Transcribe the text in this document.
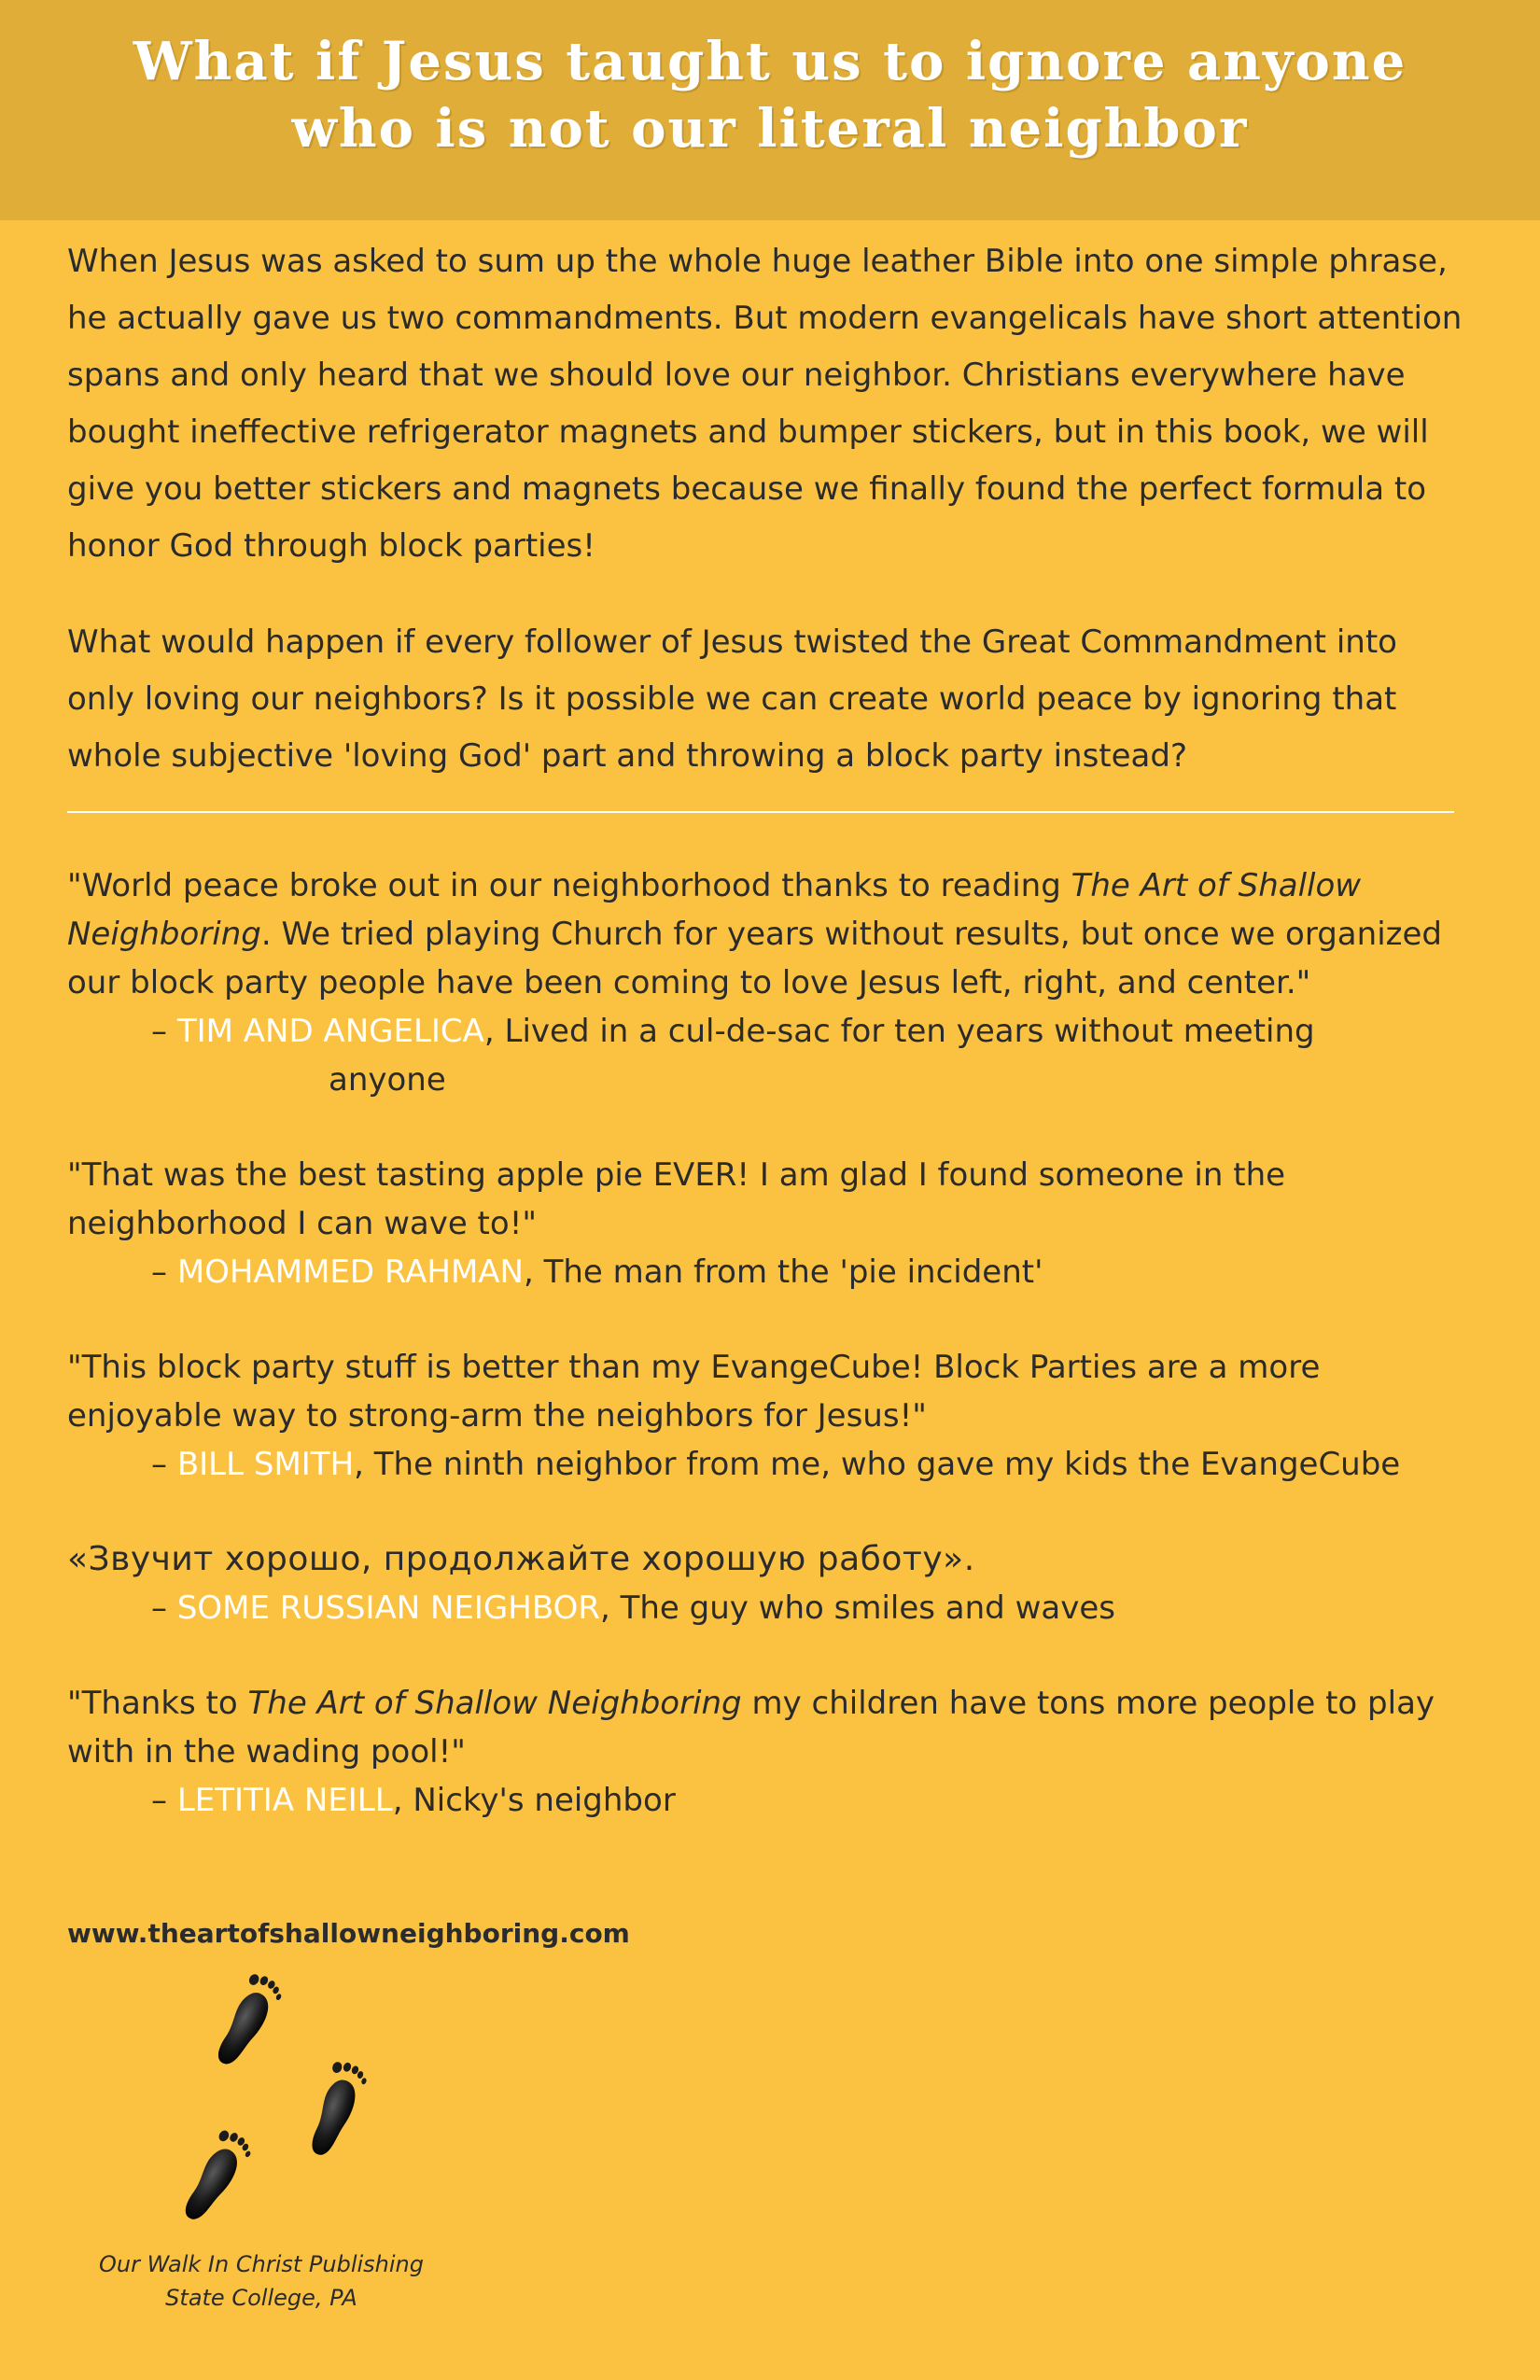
What if Jesus taught us to ignore anyone
who is not our literal neighbor

When Jesus was asked to sum up the whole huge leather Bible into one simple phrase, he actually gave us two commandments. But modern evangelicals have short attention spans and only heard that we should love our neighbor. Christians everywhere have bought ineffective refrigerator magnets and bumper stickers, but in this book, we will give you better stickers and magnets because we finally found the perfect formula to honor God through block parties!

What would happen if every follower of Jesus twisted the Great Commandment into only loving our neighbors? Is it possible we can create world peace by ignoring that whole subjective 'loving God' part and throwing a block party instead?

"World peace broke out in our neighborhood thanks to reading The Art of Shallow Neighboring. We tried playing Church for years without results, but once we organized our block party people have been coming to love Jesus left, right, and center."

– TIM AND ANGELICA, Lived in a cul-de-sac for ten years without meeting
anyone

"That was the best tasting apple pie EVER! I am glad I found someone in the neighborhood I can wave to!"

– MOHAMMED RAHMAN, The man from the 'pie incident'

"This block party stuff is better than my EvangeCube! Block Parties are a more enjoyable way to strong-arm the neighbors for Jesus!"

– BILL SMITH, The ninth neighbor from me, who gave my kids the EvangeCube

«Звучит хорошо, продолжайте хорошую работу».

– SOME RUSSIAN NEIGHBOR, The guy who smiles and waves

"Thanks to The Art of Shallow Neighboring my children have tons more people to play with in the wading pool!"

– LETITIA NEILL, Nicky's neighbor

www.theartofshallowneighboring.com
Our Walk In Christ Publishing
State College, PA
